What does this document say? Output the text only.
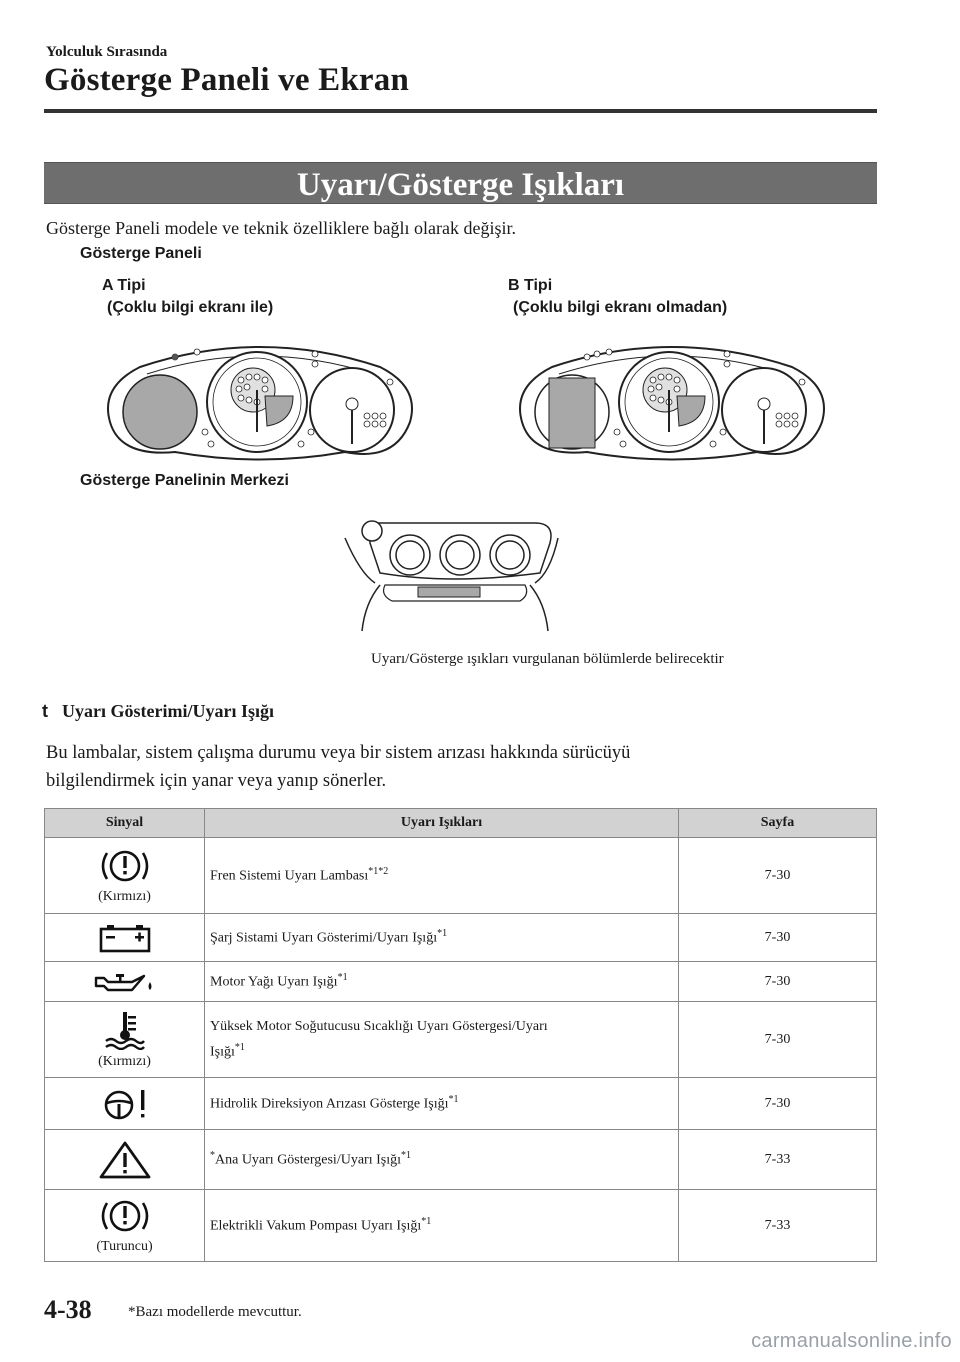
Yolculuk Sırasında
Gösterge Paneli ve Ekran
Uyarı/Gösterge Işıkları
Gösterge Paneli modele ve teknik özelliklere bağlı olarak değişir.
Gösterge Paneli
A Tipi
(Çoklu bilgi ekranı ile)
B Tipi
(Çoklu bilgi ekranı olmadan)
Gösterge Panelinin Merkezi
Uyarı/Gösterge ışıkları vurgulanan bölümlerde belirecektir
t Uyarı Gösterimi/Uyarı Işığı
Bu lambalar, sistem çalışma durumu veya bir sistem arızası hakkında sürücüyü
bilgilendirmek için yanar veya yanıp sönerler.
Sinyal	Uyarı Işıkları	Sayfa

(Kırmızı)	Fren Sistemi Uyarı Lambası$^{*1*2}$	7-30

	Şarj Sistami Uyarı Gösterimi/Uyarı Işığı$^{*1}$	7-30

	Motor Yağı Uyarı Işığı$^{*1}$	7-30

(Kırmızı)	Yüksek Motor Soğutucusu Sıcaklığı Uyarı Göstergesi/Uyarı
Işığı$^{*1}$	7-30

	Hidrolik Direksiyon Arızası Gösterge Işığı$^{*1}$	7-30

	*Ana Uyarı Göstergesi/Uyarı Işığı$^{*1}$	7-33

(Turuncu)	Elektrikli Vakum Pompası Uyarı Işığı$^{*1}$	7-33
4-38 *Bazı modellerde mevcuttur.
carmanualsonline.info
